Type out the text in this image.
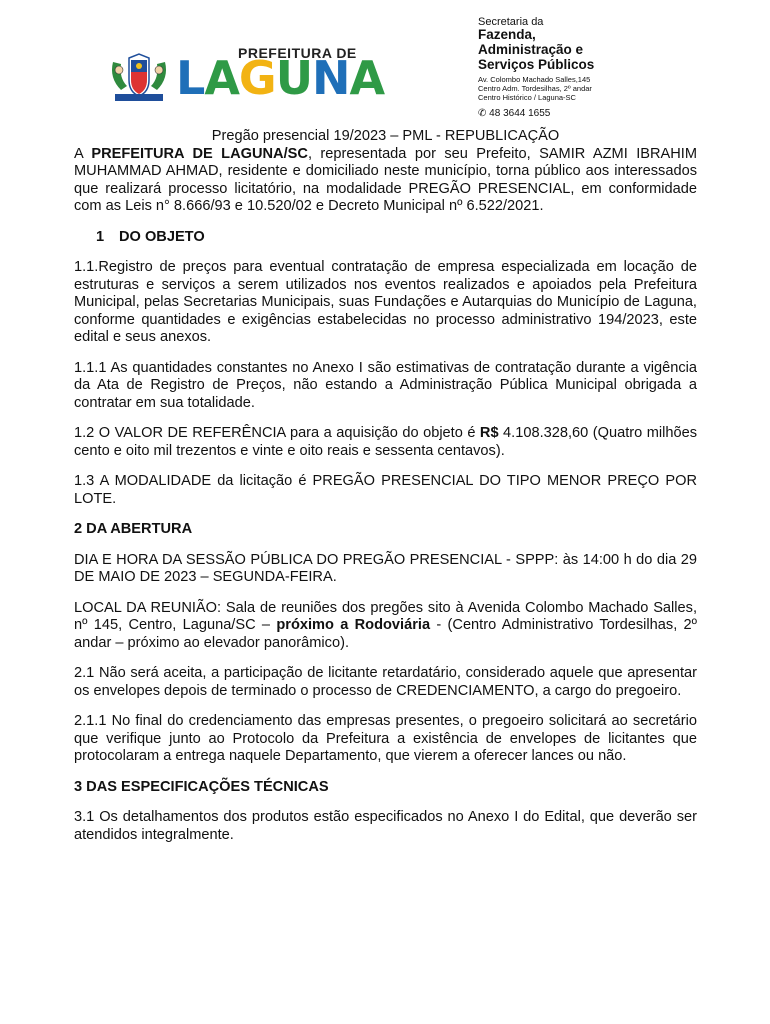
PREFEITURA DE
LAGUNA
Secretaria da
Fazenda,
Administração e
Serviços Públicos
Av. Colombo Machado Salles,145
Centro Adm. Tordesilhas, 2º andar
Centro Histórico / Laguna-SC
✆ 48 3644 1655
Pregão presencial 19/2023 – PML - REPUBLICAÇÃO

A PREFEITURA DE LAGUNA/SC, representada por seu Prefeito, SAMIR AZMI IBRAHIM MUHAMMAD AHMAD, residente e domiciliado neste município, torna público aos interessados que realizará processo licitatório, na modalidade PREGÃO PRESENCIAL, em conformidade com as Leis n° 8.666/93 e 10.520/02 e Decreto Municipal nº 6.522/2021.

1 DO OBJETO

1.1.Registro de preços para eventual contratação de empresa especializada em locação de estruturas e serviços a serem utilizados nos eventos realizados e apoiados pela Prefeitura Municipal, pelas Secretarias Municipais, suas Fundações e Autarquias do Município de Laguna, conforme quantidades e exigências estabelecidas no processo administrativo 194/2023, este edital e seus anexos.

1.1.1 As quantidades constantes no Anexo I são estimativas de contratação durante a vigência da Ata de Registro de Preços, não estando a Administração Pública Municipal obrigada a contratar em sua totalidade.

1.2 O VALOR DE REFERÊNCIA para a aquisição do objeto é R$ 4.108.328,60 (Quatro milhões cento e oito mil trezentos e vinte e oito reais e sessenta centavos).

1.3 A MODALIDADE da licitação é PREGÃO PRESENCIAL DO TIPO MENOR PREÇO POR LOTE.

2 DA ABERTURA

DIA E HORA DA SESSÃO PÚBLICA DO PREGÃO PRESENCIAL - SPPP: às 14:00 h do dia 29 DE MAIO DE 2023 – SEGUNDA-FEIRA.

LOCAL DA REUNIÃO: Sala de reuniões dos pregões sito à Avenida Colombo Machado Salles, nº 145, Centro, Laguna/SC – próximo a Rodoviária - (Centro Administrativo Tordesilhas, 2º andar – próximo ao elevador panorâmico).

2.1 Não será aceita, a participação de licitante retardatário, considerado aquele que apresentar os envelopes depois de terminado o processo de CREDENCIAMENTO, a cargo do pregoeiro.

2.1.1 No final do credenciamento das empresas presentes, o pregoeiro solicitará ao secretário que verifique junto ao Protocolo da Prefeitura a existência de envelopes de licitantes que protocolaram a entrega naquele Departamento, que vierem a oferecer lances ou não.

3 DAS ESPECIFICAÇÕES TÉCNICAS

3.1 Os detalhamentos dos produtos estão especificados no Anexo I do Edital, que deverão ser atendidos integralmente.
